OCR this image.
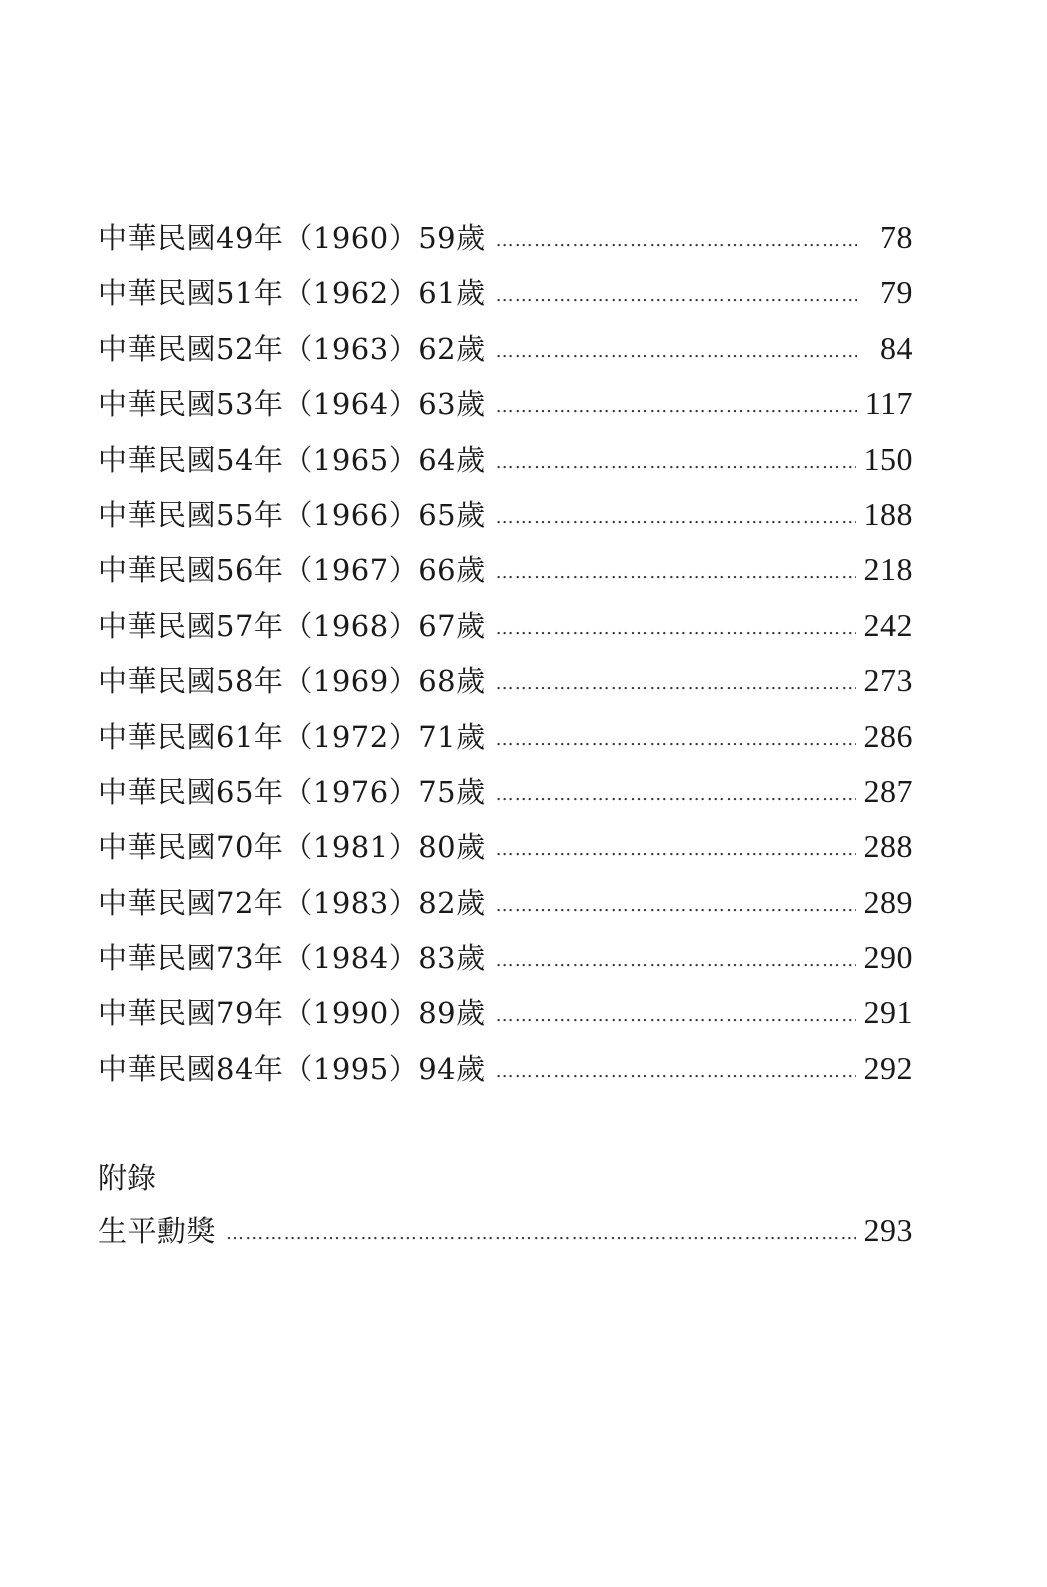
中華民國49年（1960）59歲 ……………………………………………………………………………………………………………………………………………………	78
中華民國51年（1962）61歲 ……………………………………………………………………………………………………………………………………………………	79
中華民國52年（1963）62歲 ……………………………………………………………………………………………………………………………………………………	84
中華民國53年（1964）63歲 ……………………………………………………………………………………………………………………………………………………	117
中華民國54年（1965）64歲 ……………………………………………………………………………………………………………………………………………………	150
中華民國55年（1966）65歲 ……………………………………………………………………………………………………………………………………………………	188
中華民國56年（1967）66歲 ……………………………………………………………………………………………………………………………………………………	218
中華民國57年（1968）67歲 ……………………………………………………………………………………………………………………………………………………	242
中華民國58年（1969）68歲 ……………………………………………………………………………………………………………………………………………………	273
中華民國61年（1972）71歲 ……………………………………………………………………………………………………………………………………………………	286
中華民國65年（1976）75歲 ……………………………………………………………………………………………………………………………………………………	287
中華民國70年（1981）80歲 ……………………………………………………………………………………………………………………………………………………	288
中華民國72年（1983）82歲 ……………………………………………………………………………………………………………………………………………………	289
中華民國73年（1984）83歲 ……………………………………………………………………………………………………………………………………………………	290
中華民國79年（1990）89歲 ……………………………………………………………………………………………………………………………………………………	291
中華民國84年（1995）94歲 ……………………………………………………………………………………………………………………………………………………	292
附錄
生平勳獎 ……………………………………………………………………………………………………………………………………………………	293
